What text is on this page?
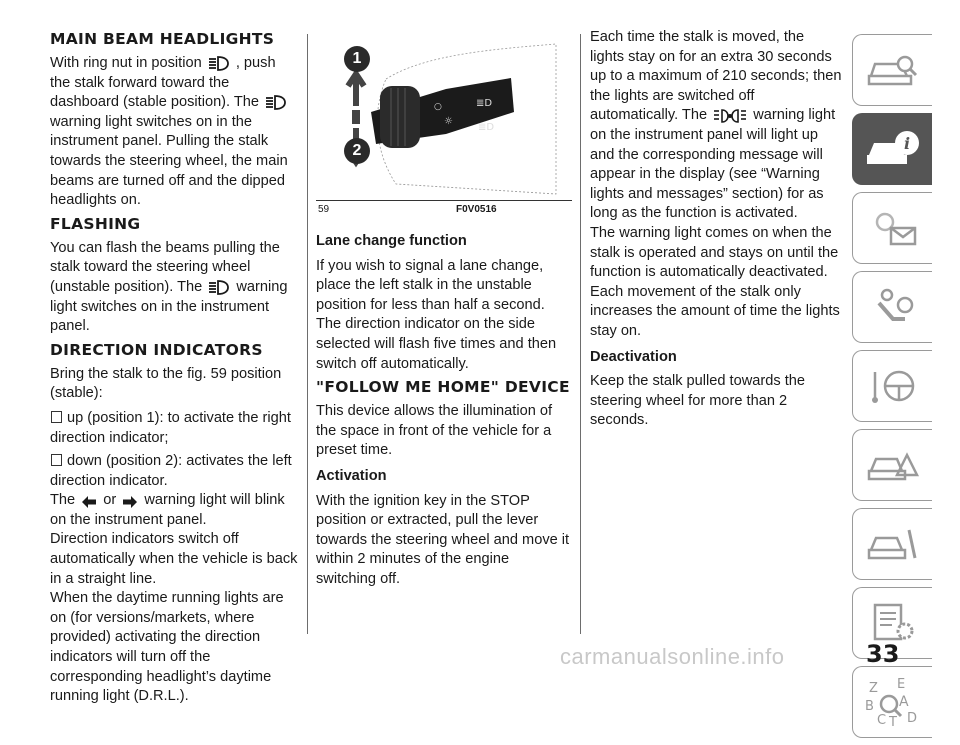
MAIN BEAM HEADLIGHTS

With ring nut in position , push the stalk forward toward the dashboard (stable position). The  warning light switches on in the instrument panel. Pulling the stalk towards the steering wheel, the main beams are turned off and the dipped headlights on.

FLASHING

You can flash the beams pulling the stalk toward the steering wheel (unstable position). The warning light switches on in the instrument panel.

DIRECTION INDICATORS

Bring the stalk to the fig. 59 position (stable):

up (position 1): to activate the right direction indicator;

down (position 2): activates the left direction indicator.

The or warning light will blink on the instrument panel.

Direction indicators switch off automatically when the vehicle is back in a straight line.

When the daytime running lights are on (for versions/markets, where provided) activating the direction indicators will turn off the corresponding headlight’s daytime running light (D.R.L.).

○
☼
≣D
≣D
1
2
59	F0V0516
Lane change function

If you wish to signal a lane change, place the left stalk in the unstable position for less than half a second. The direction indicator on the side selected will flash five times and then switch off automatically.

"FOLLOW ME HOME" DEVICE

This device allows the illumination of the space in front of the vehicle for a preset time.

Activation

With the ignition key in the STOP position or extracted, pull the lever towards the steering wheel and move it within 2 minutes of the engine switching off.

Each time the stalk is moved, the lights stay on for an extra 30 seconds up to a maximum of 210 seconds; then the lights are switched off automatically. The	warning light on the instrument panel will light up and the corresponding message will appear in the display (see “Warning lights and messages” section) for as long as the function is activated.

The warning light comes on when the stalk is operated and stays on until the function is automatically deactivated.

Each movement of the stalk only increases the amount of time the lights stay on.

Deactivation

Keep the stalk pulled towards the steering wheel for more than 2 seconds.

i
Z E
B A
C T D
33
carmanualsonline.info
